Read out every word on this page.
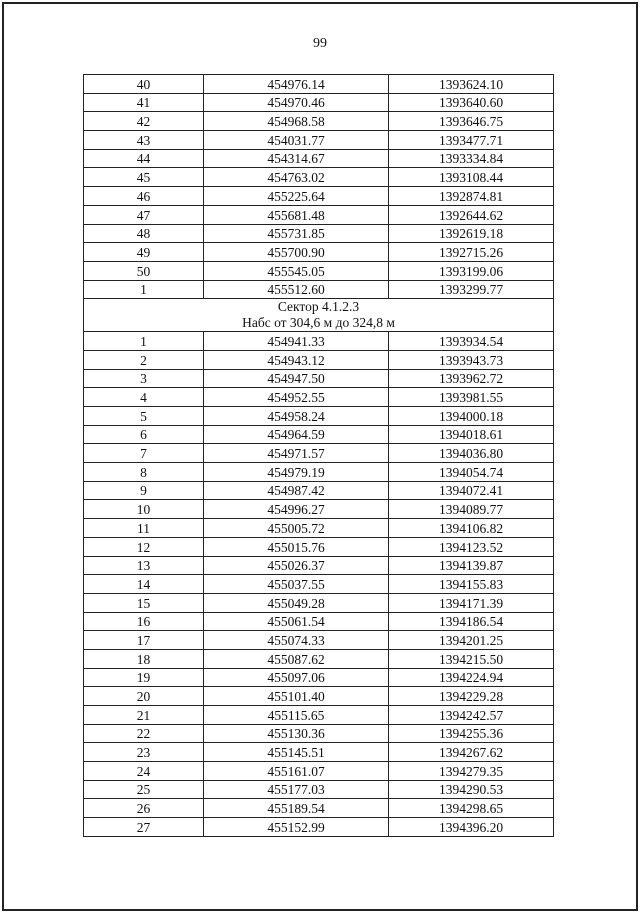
99
40	454976.14	1393624.10
41	454970.46	1393640.60
42	454968.58	1393646.75
43	454031.77	1393477.71
44	454314.67	1393334.84
45	454763.02	1393108.44
46	455225.64	1392874.81
47	455681.48	1392644.62
48	455731.85	1392619.18
49	455700.90	1392715.26
50	455545.05	1393199.06
1	455512.60	1393299.77

Сектор 4.1.2.3
Набс от 304,6 м до 324,8 м		

1	454941.33	1393934.54
2	454943.12	1393943.73
3	454947.50	1393962.72
4	454952.55	1393981.55
5	454958.24	1394000.18
6	454964.59	1394018.61
7	454971.57	1394036.80
8	454979.19	1394054.74
9	454987.42	1394072.41
10	454996.27	1394089.77
11	455005.72	1394106.82
12	455015.76	1394123.52
13	455026.37	1394139.87
14	455037.55	1394155.83
15	455049.28	1394171.39
16	455061.54	1394186.54
17	455074.33	1394201.25
18	455087.62	1394215.50
19	455097.06	1394224.94
20	455101.40	1394229.28
21	455115.65	1394242.57
22	455130.36	1394255.36
23	455145.51	1394267.62
24	455161.07	1394279.35
25	455177.03	1394290.53
26	455189.54	1394298.65
27	455152.99	1394396.20
